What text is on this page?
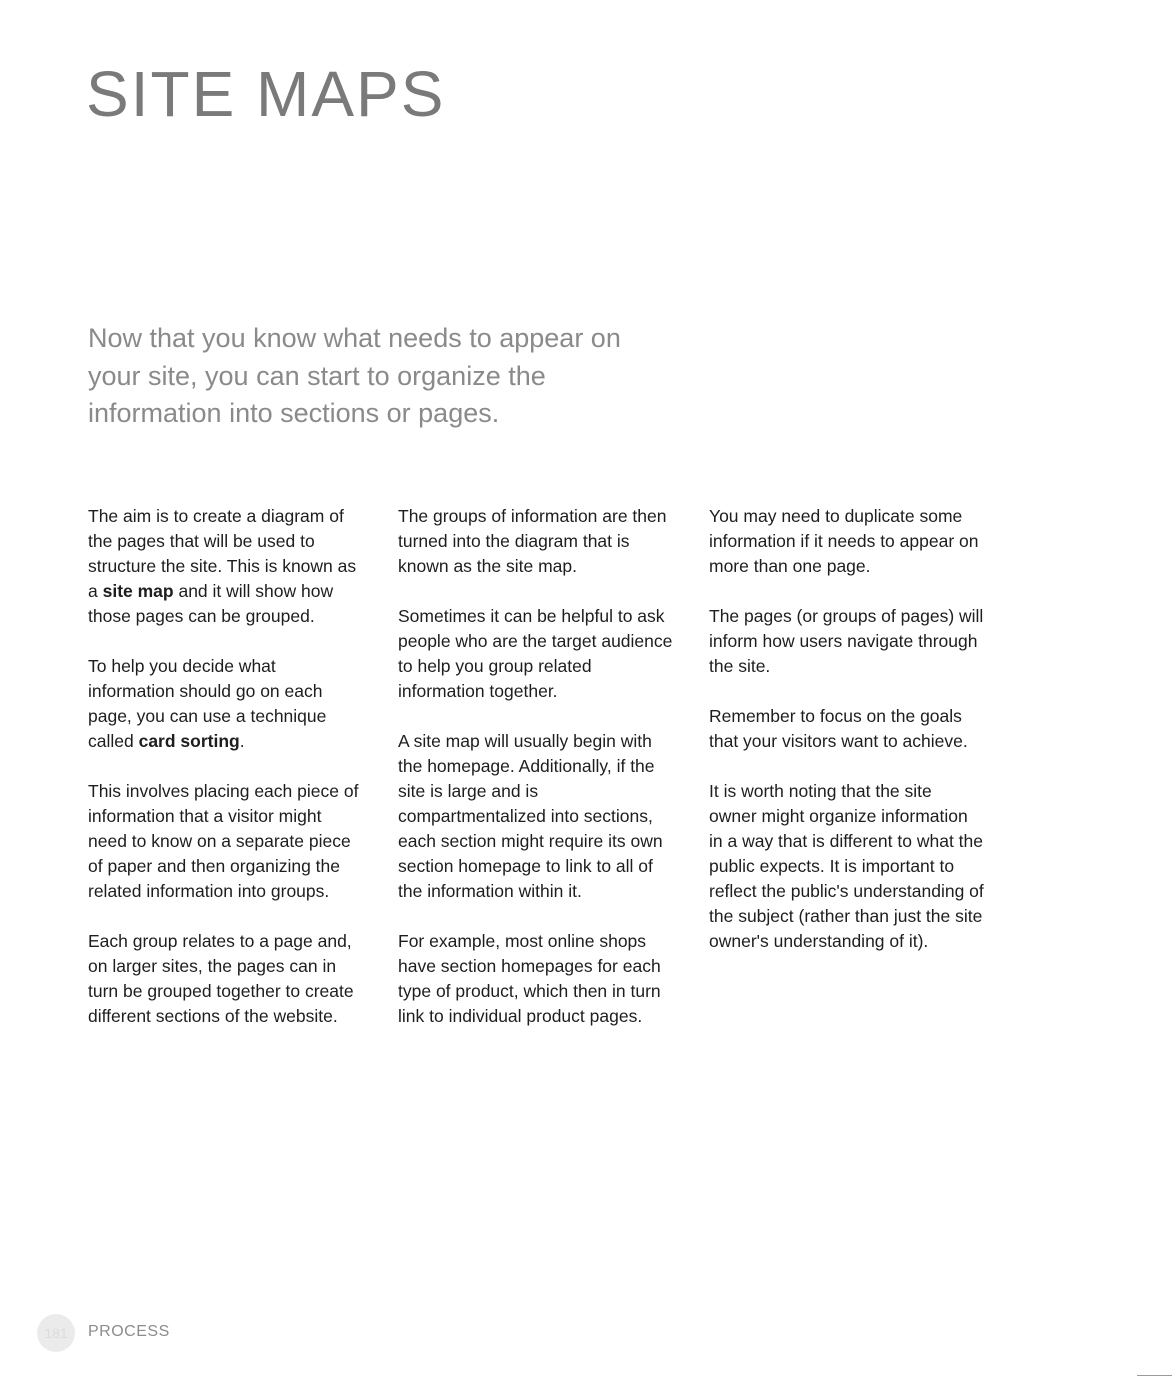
SITE MAPS

Now that you know what needs to appear on your site, you can start to organize the information into sections or pages.

The aim is to create a diagram of the pages that will be used to structure the site. This is known as a site map and it will show how those pages can be grouped.

To help you decide what information should go on each page, you can use a technique called card sorting.

This involves placing each piece of information that a visitor might need to know on a separate piece of paper and then organizing the related information into groups.

Each group relates to a page and, on larger sites, the pages can in turn be grouped together to create different sections of the website.

The groups of information are then turned into the diagram that is known as the site map.

Sometimes it can be helpful to ask people who are the target audience to help you group related information together.

A site map will usually begin with the homepage. Additionally, if the site is large and is compartmentalized into sections, each section might require its own section homepage to link to all of the information within it.

For example, most online shops have section homepages for each type of product, which then in turn link to individual product pages.

You may need to duplicate some information if it needs to appear on more than one page.

The pages (or groups of pages) will inform how users navigate through the site.

Remember to focus on the goals that your visitors want to achieve.

It is worth noting that the site owner might organize information in a way that is different to what the public expects. It is important to reflect the public's understanding of the subject (rather than just the site owner's understanding of it).

181	PROCESS
